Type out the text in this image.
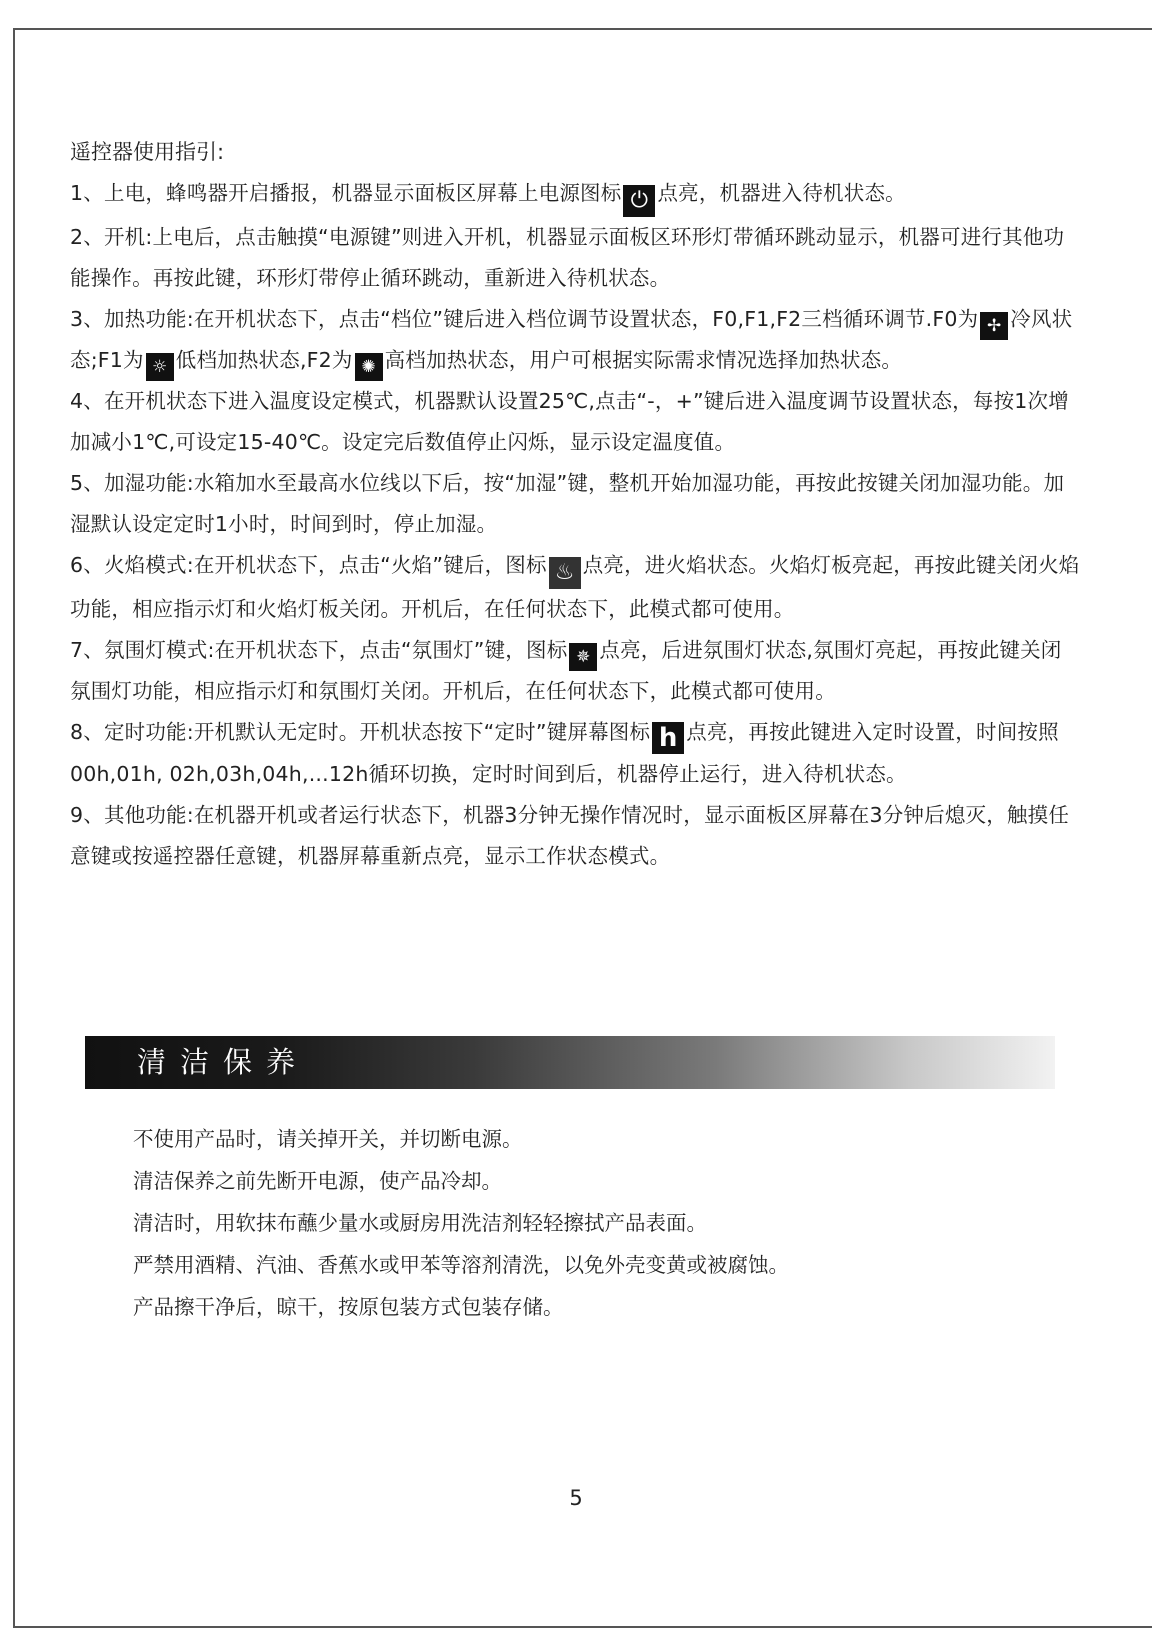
遥控器使用指引:

1、上电，蜂鸣器开启播报，机器显示面板区屏幕上电源图标 ⏻ 点亮，机器进入待机状态。

2、开机:上电后，点击触摸“电源键”则进入开机，机器显示面板区环形灯带循环跳动显示，机器可进行其他功能操作。再按此键，环形灯带停止循环跳动，重新进入待机状态。

3、加热功能:在开机状态下，点击“档位”键后进入档位调节设置状态，F0,F1,F2三档循环调节.F0为 ✢ 冷风状态;F1为 ☼ 低档加热状态,F2为 ✺ 高档加热状态，用户可根据实际需求情况选择加热状态。

4、在开机状态下进入温度设定模式，机器默认设置25℃,点击“-，+”键后进入温度调节设置状态，每按1次增加减小1℃,可设定15-40℃。设定完后数值停止闪烁，显示设定温度值。

5、加湿功能:水箱加水至最高水位线以下后，按“加湿”键，整机开始加湿功能，再按此按键关闭加湿功能。加湿默认设定定时1小时，时间到时，停止加湿。

6、火焰模式:在开机状态下，点击“火焰”键后，图标 ♨ 点亮，进火焰状态。火焰灯板亮起，再按此键关闭火焰功能，相应指示灯和火焰灯板关闭。开机后，在任何状态下，此模式都可使用。

7、氛围灯模式:在开机状态下，点击“氛围灯”键，图标 ✵ 点亮，后进氛围灯状态,氛围灯亮起，再按此键关闭氛围灯功能，相应指示灯和氛围灯关闭。开机后，在任何状态下，此模式都可使用。

8、定时功能:开机默认无定时。开机状态按下“定时”键屏幕图标 h 点亮，再按此键进入定时设置，时间按照00h,01h, 02h,03h,04h,...12h循环切换，定时时间到后，机器停止运行，进入待机状态。

9、其他功能:在机器开机或者运行状态下，机器3分钟无操作情况时，显示面板区屏幕在3分钟后熄灭，触摸任意键或按遥控器任意键，机器屏幕重新点亮，显示工作状态模式。

清洁保养

不使用产品时，请关掉开关，并切断电源。

清洁保养之前先断开电源，使产品冷却。

清洁时，用软抹布蘸少量水或厨房用洗洁剂轻轻擦拭产品表面。

严禁用酒精、汽油、香蕉水或甲苯等溶剂清洗，以免外壳变黄或被腐蚀。

产品擦干净后，晾干，按原包装方式包装存储。

5
